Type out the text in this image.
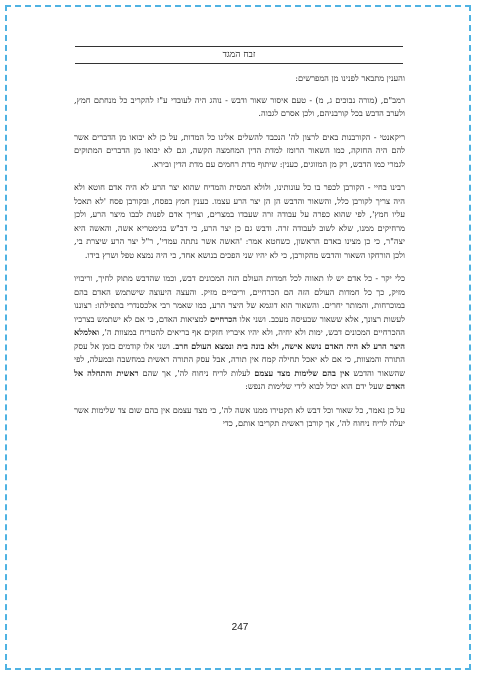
זבח המגד

והענין מתבאר לפנינו מן המפרשים:

רמב"ם, (מורה נבוכים ג, מ) - טעם איסור שאור ודבש - נוהג היה לעובדי ע"ז להקריב כל מנחתם חמץ, ולערב הדבש בכל קורבניהם, ולכן אסרם לגבוה.

ריקאנטי - הקורבנות באים לרצון לה' הנכבד להשלים אלינו כל המדות, על כן לא יבואו מן הדברים אשר להם היה החזקה, כמו השאור הרומז למדת הדין המחמצה הקשה, וגם לא יבואו מן הדברים המתוקים לגמרי כמו הדבש, רק מן המזוגים, כענין: שיתוף מדת רחמים עם מדת הדין ובירא.

רבינו בחיי - הקורבן לכפר בו כל עונותינו, ולולא המסית והמדיח שהוא יצר הרע לא היה אדם חוטא ולא היה צריך לקורבן כלל, והשאור והדבש הן הן יצר הרע עצמו. כענין חמץ בפסח, ובקורבן פסח 'לא תאכל עליו חמץ', לפי שהוא כפרה על עבודה זרה שעבדו במצרים, וצריך אדם לפנות לבבו מיצר הרע, ולכן מרחיקים ממנו, שלא לשוב לעבודה זרה. ודבש גם כן יצר הרע, כי דב"ש בגימטריא אשה, והאשה היא יצה"ר, כי כן מצינו באדם הראשון, כשחטא אמר: 'האשה אשר נתתה עמדי', ר"ל יצר הרע שיצרת בי, ולכן הורחקו השאור והדבש מהקורבן, כי לא יהיו שני הפכים בנושא אחד, כי היה נמצא טפל ושרץ בידו.

כלי יקר - כל אדם יש לו תאווה לכל חמדות העולם הזה המכונים דבש, וכמו שהדבש מתוק לחיך, וריבויו מזיק, כך כל חמדות העולם הזה הם הכרחיים, וריבויים מזיק. והעצה היעוצה שישתמש האדם בהם במוכרחות, והמותר יחרים. והשאור הוא דוגמא של היצר הרע, כמו שאמר רבי אלכסנדרי בתפילתו: רצוננו לעשות רצונך, אלא ששאור שבעיסה מעכב. ושני אלו הכרחיים למציאות האדם, כי אם לא ישתמש בצרכיו ההכרחיים המכונים דבש, ימות ולא יחיה, ולא יהיו איבריו חזקים אף בריאים להטריח במצוות ה', ואלמלא היצר הרע לא היה האדם נושא אישה, ולא בונה בית ונמצא העולם חרב. ושני אלו קודמים בזמן אל עסק התורה והמצוות, כי אם לא יאכל תחילה קמח אין תורה, אבל עסק התורה ראשית במחשבה ובמעלה, לפי שהשאור והדבש אין בהם שלימות מצד עצמם לעלות לריח ניחוח לה', אך שהם ראשית והתחלה אל האדם שעל ידם הוא יכול לבוא לידי שלימות הנפש:

על כן נאמר, כל שאור וכל דבש לא תקטירו ממנו אשה לה', כי מצד עצמם אין בהם שום צד שלימות אשר יעלה לריח ניחוח לה', אך קורבן ראשית תקריבו אותם, כדי

247
